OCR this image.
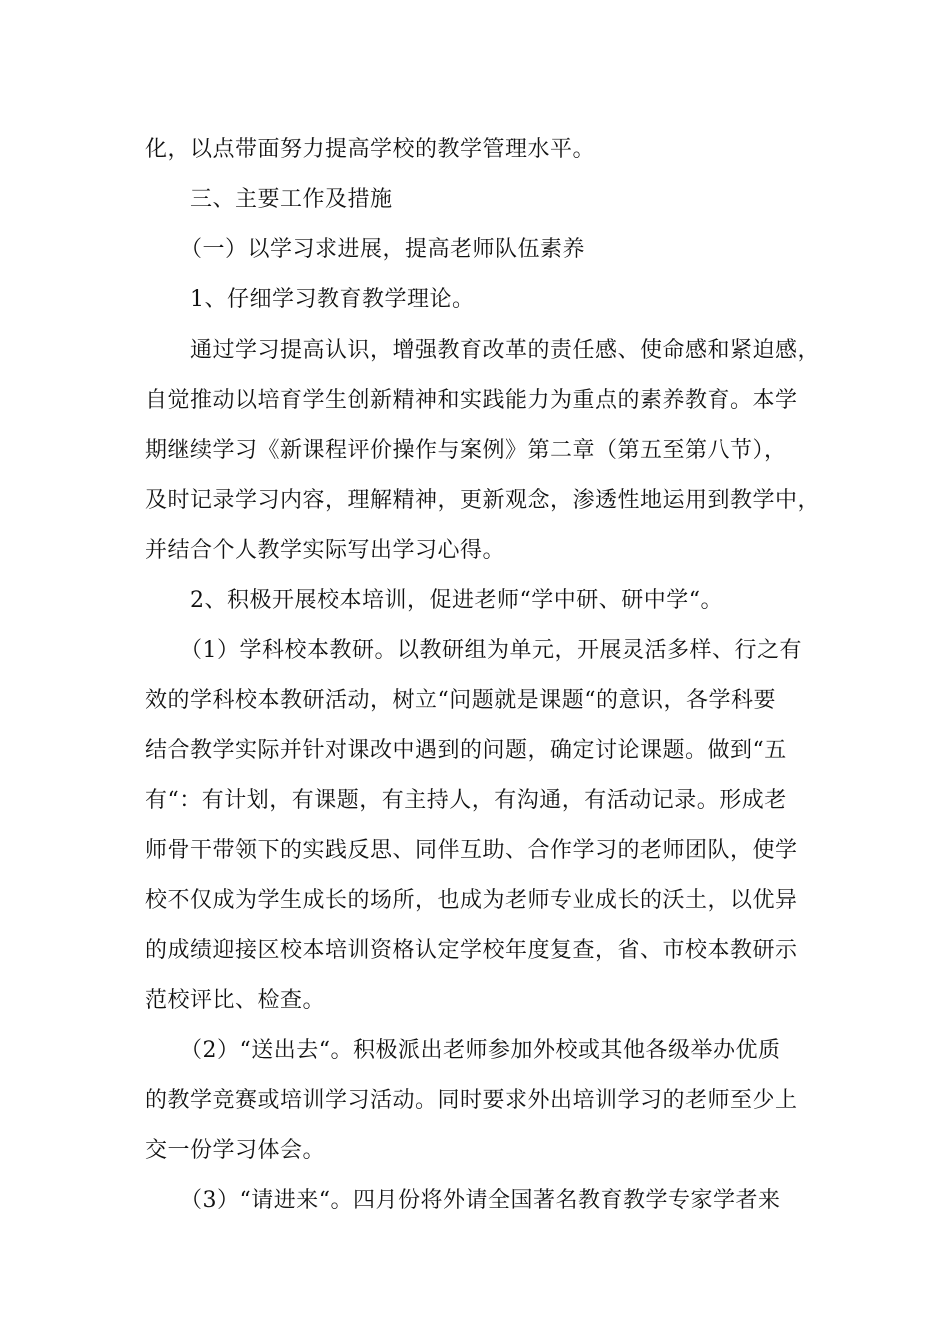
化，以点带面努力提高学校的教学管理水平。
三、主要工作及措施
（一）以学习求进展，提高老师队伍素养
1、仔细学习教育教学理论。
通过学习提高认识，增强教育改革的责任感、使命感和紧迫感，
自觉推动以培育学生创新精神和实践能力为重点的素养教育。本学
期继续学习《新课程评价操作与案例》第二章（第五至第八节），
及时记录学习内容，理解精神，更新观念，渗透性地运用到教学中，
并结合个人教学实际写出学习心得。
2、积极开展校本培训，促进老师“学中研、研中学“。
（1）学科校本教研。以教研组为单元，开展灵活多样、行之有
效的学科校本教研活动，树立“问题就是课题“的意识，各学科要
结合教学实际并针对课改中遇到的问题，确定讨论课题。做到“五
有“：有计划，有课题，有主持人，有沟通，有活动记录。形成老
师骨干带领下的实践反思、同伴互助、合作学习的老师团队，使学
校不仅成为学生成长的场所，也成为老师专业成长的沃土，以优异
的成绩迎接区校本培训资格认定学校年度复查，省、市校本教研示
范校评比、检查。
（2）“送出去“。积极派出老师参加外校或其他各级举办优质
的教学竞赛或培训学习活动。同时要求外出培训学习的老师至少上
交一份学习体会。
（3）“请进来“。四月份将外请全国著名教育教学专家学者来
